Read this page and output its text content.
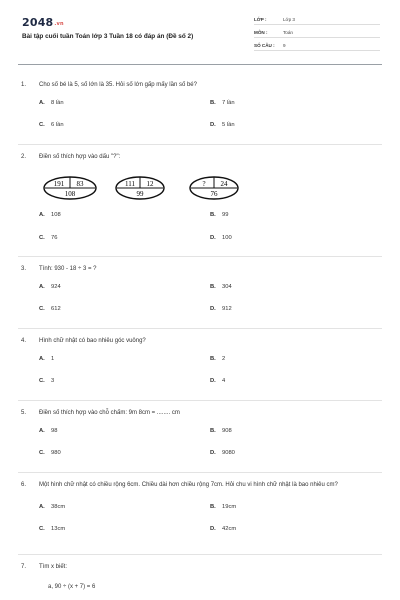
$2048^{.vn}$
Bài tập cuối tuần Toán lớp 3 Tuần 18 có đáp án (Đề số 2)
LỚP :	Lớp 3
MÔN :	Toán
SỐ CÂU :	9
1.	Cho số bé là 5, số lớn là 35. Hỏi số lớn gấp mấy lần số bé?
A.	8 lần	B.	7 lần
C.	6 lần	D.	5 lần
2.	Điền số thích hợp vào dấu "?":
191 83
108
111 12
99
? 24
76
A.	108	B.	99
C.	76	D.	100
3.	Tính: 930 - 18 ÷ 3 = ?
A.	924	B.	304
C.	612	D.	912
4.	Hình chữ nhật có bao nhiêu góc vuông?
A.	1	B.	2
C.	3	D.	4
5.	Điền số thích hợp vào chỗ chấm: 9m 8cm = ........ cm
A.	98	B.	908
C.	980	D.	9080
6.	Một hình chữ nhật có chiều rộng 6cm. Chiều dài hơn chiều rộng 7cm. Hỏi chu vi hình chữ nhật là bao nhiêu cm?
A.	38cm	B.	19cm
C.	13cm	D.	42cm
7.	Tìm x biết:
a, 90 ÷ (x + 7) = 6
